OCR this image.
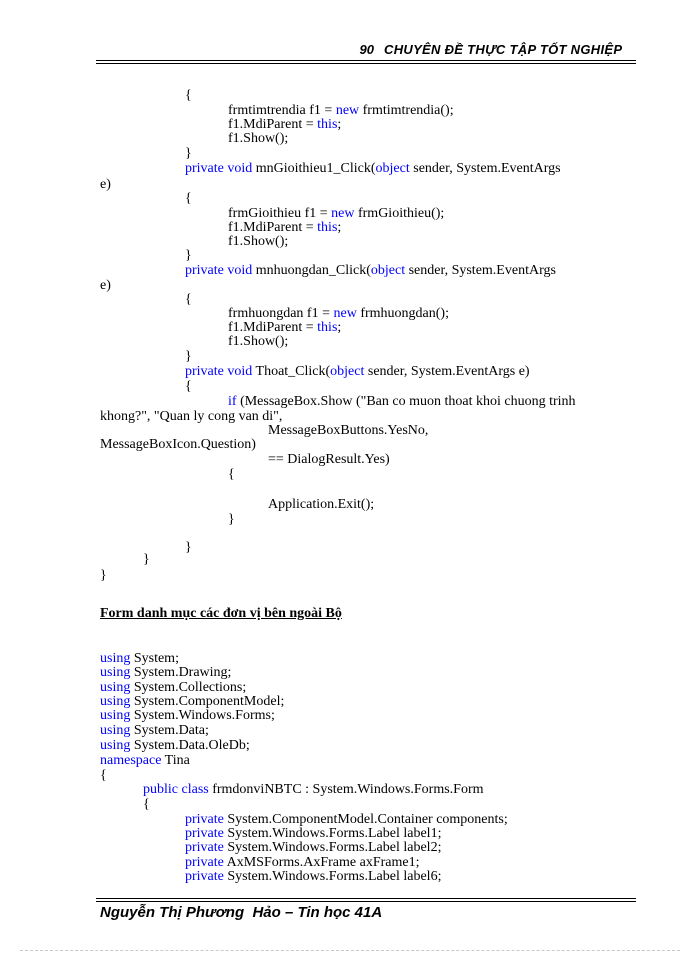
90 CHUYÊN ĐỀ THỰC TẬP TỐT NGHIỆP
{
frmtimtrendia f1 = new frmtimtrendia();
f1.MdiParent = this;
f1.Show();
}
private void mnGioithieu1_Click(object sender, System.EventArgs
e)
{
frmGioithieu f1 = new frmGioithieu();
f1.MdiParent = this;
f1.Show();
}
private void mnhuongdan_Click(object sender, System.EventArgs
e)
{
frmhuongdan f1 = new frmhuongdan();
f1.MdiParent = this;
f1.Show();
}
private void Thoat_Click(object sender, System.EventArgs e)
{
if (MessageBox.Show ("Ban co muon thoat khoi chuong trinh
khong?", "Quan ly cong van di",
MessageBoxButtons.YesNo,
MessageBoxIcon.Question)
== DialogResult.Yes)
{
Application.Exit();
}
}
}
}
Form danh mục các đơn vị bên ngoài Bộ
using System;
using System.Drawing;
using System.Collections;
using System.ComponentModel;
using System.Windows.Forms;
using System.Data;
using System.Data.OleDb;
namespace Tina
{
public class frmdonviNBTC : System.Windows.Forms.Form
{
private System.ComponentModel.Container components;
private System.Windows.Forms.Label label1;
private System.Windows.Forms.Label label2;
private AxMSForms.AxFrame axFrame1;
private System.Windows.Forms.Label label6;
Nguyễn Thị Phương  Hảo – Tin học 41A
